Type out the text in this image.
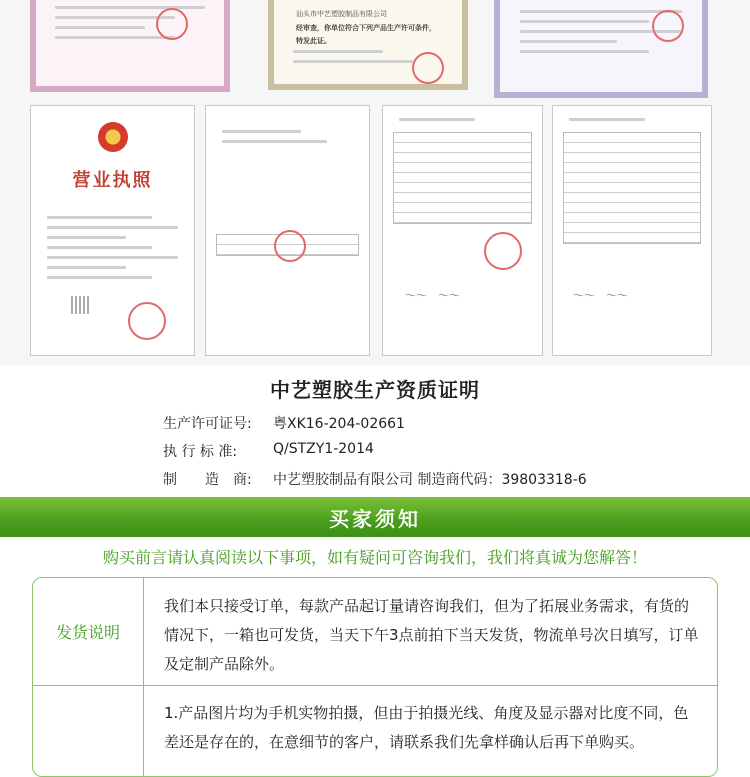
汕头市中艺塑胶制品有限公司
经审查，你单位符合下列产品生产许可条件，
特发此证。
营业执照
～～　～～	～～　～～
中艺塑胶生产资质证明
生产许可证号:	粤XK16-204-02661
执 行 标 准:	Q/STZY1-2014
制　　造　商:	中艺塑胶制品有限公司 制造商代码：39803318-6
买家须知
购买前言请认真阅读以下事项，如有疑问可咨询我们，我们将真诚为您解答！
发货说明
我们本只接受订单，每款产品起订量请咨询我们，但为了拓展业务需求，有货的情况下，一箱也可发货，当天下午3点前拍下当天发货，物流单号次日填写，订单及定制产品除外。
1.产品图片均为手机实物拍摄，但由于拍摄光线、角度及显示器对比度不同，色差还是存在的，在意细节的客户，请联系我们先拿样确认后再下单购买。
